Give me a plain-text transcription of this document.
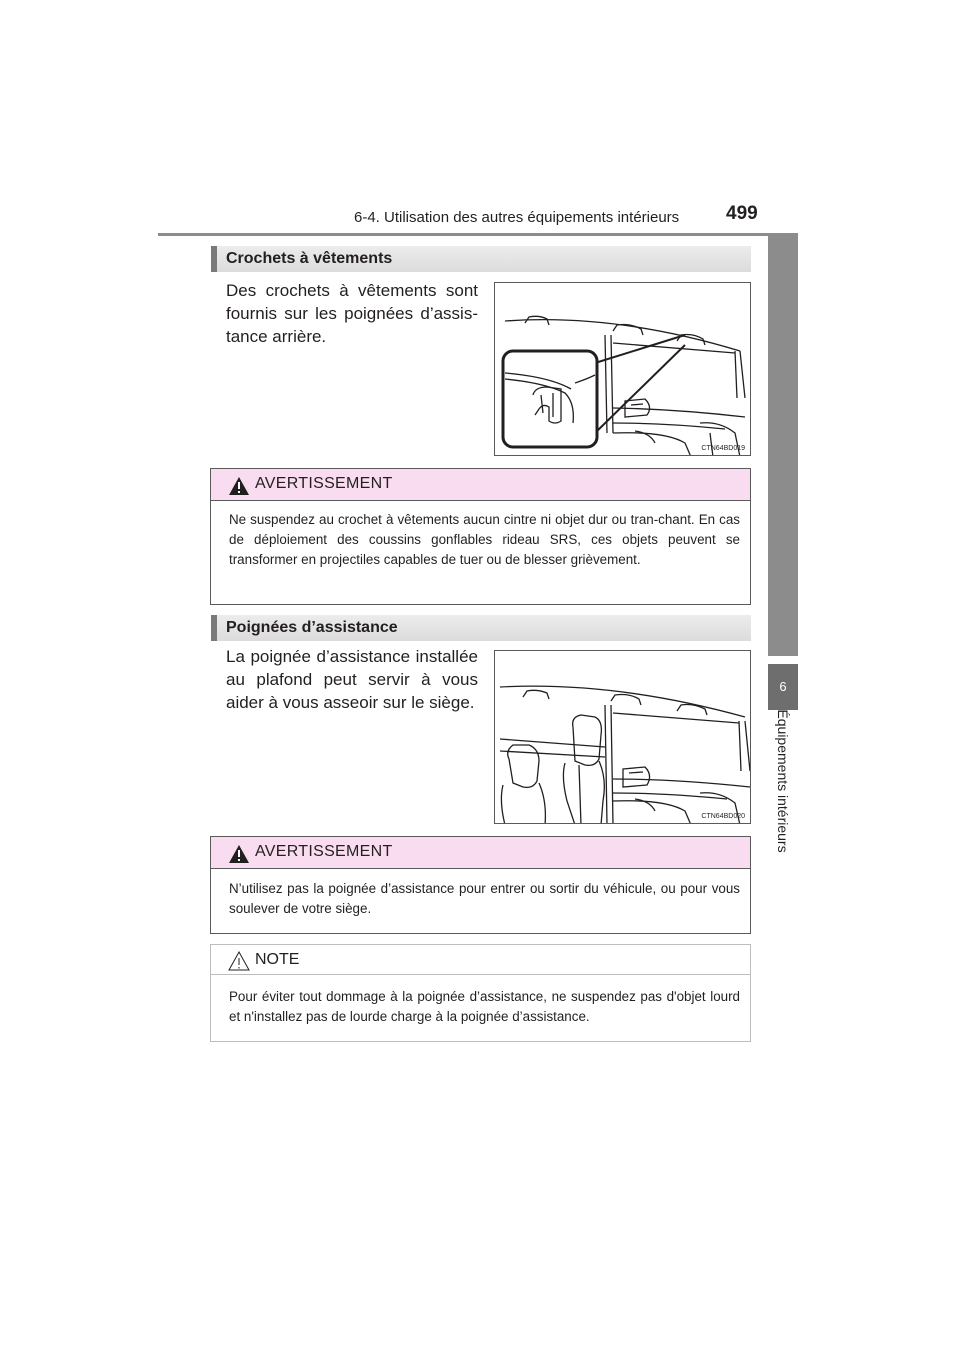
6-4. Utilisation des autres équipements intérieurs 499
6
Équipements intérieurs
Crochets à vêtements
Des crochets à vêtements sont fournis sur les poignées d’assis-tance arrière.
CTN64BD019
AVERTISSEMENT
Ne suspendez au crochet à vêtements aucun cintre ni objet dur ou tran-chant. En cas de déploiement des coussins gonflables rideau SRS, ces objets peuvent se transformer en projectiles capables de tuer ou de blesser grièvement.
Poignées d’assistance
La poignée d’assistance installée au plafond peut servir à vous aider à vous asseoir sur le siège.
CTN64BD020
AVERTISSEMENT
N’utilisez pas la poignée d’assistance pour entrer ou sortir du véhicule, ou pour vous soulever de votre siège.
NOTE
Pour éviter tout dommage à la poignée d’assistance, ne suspendez pas d'objet lourd et n'installez pas de lourde charge à la poignée d’assistance.
